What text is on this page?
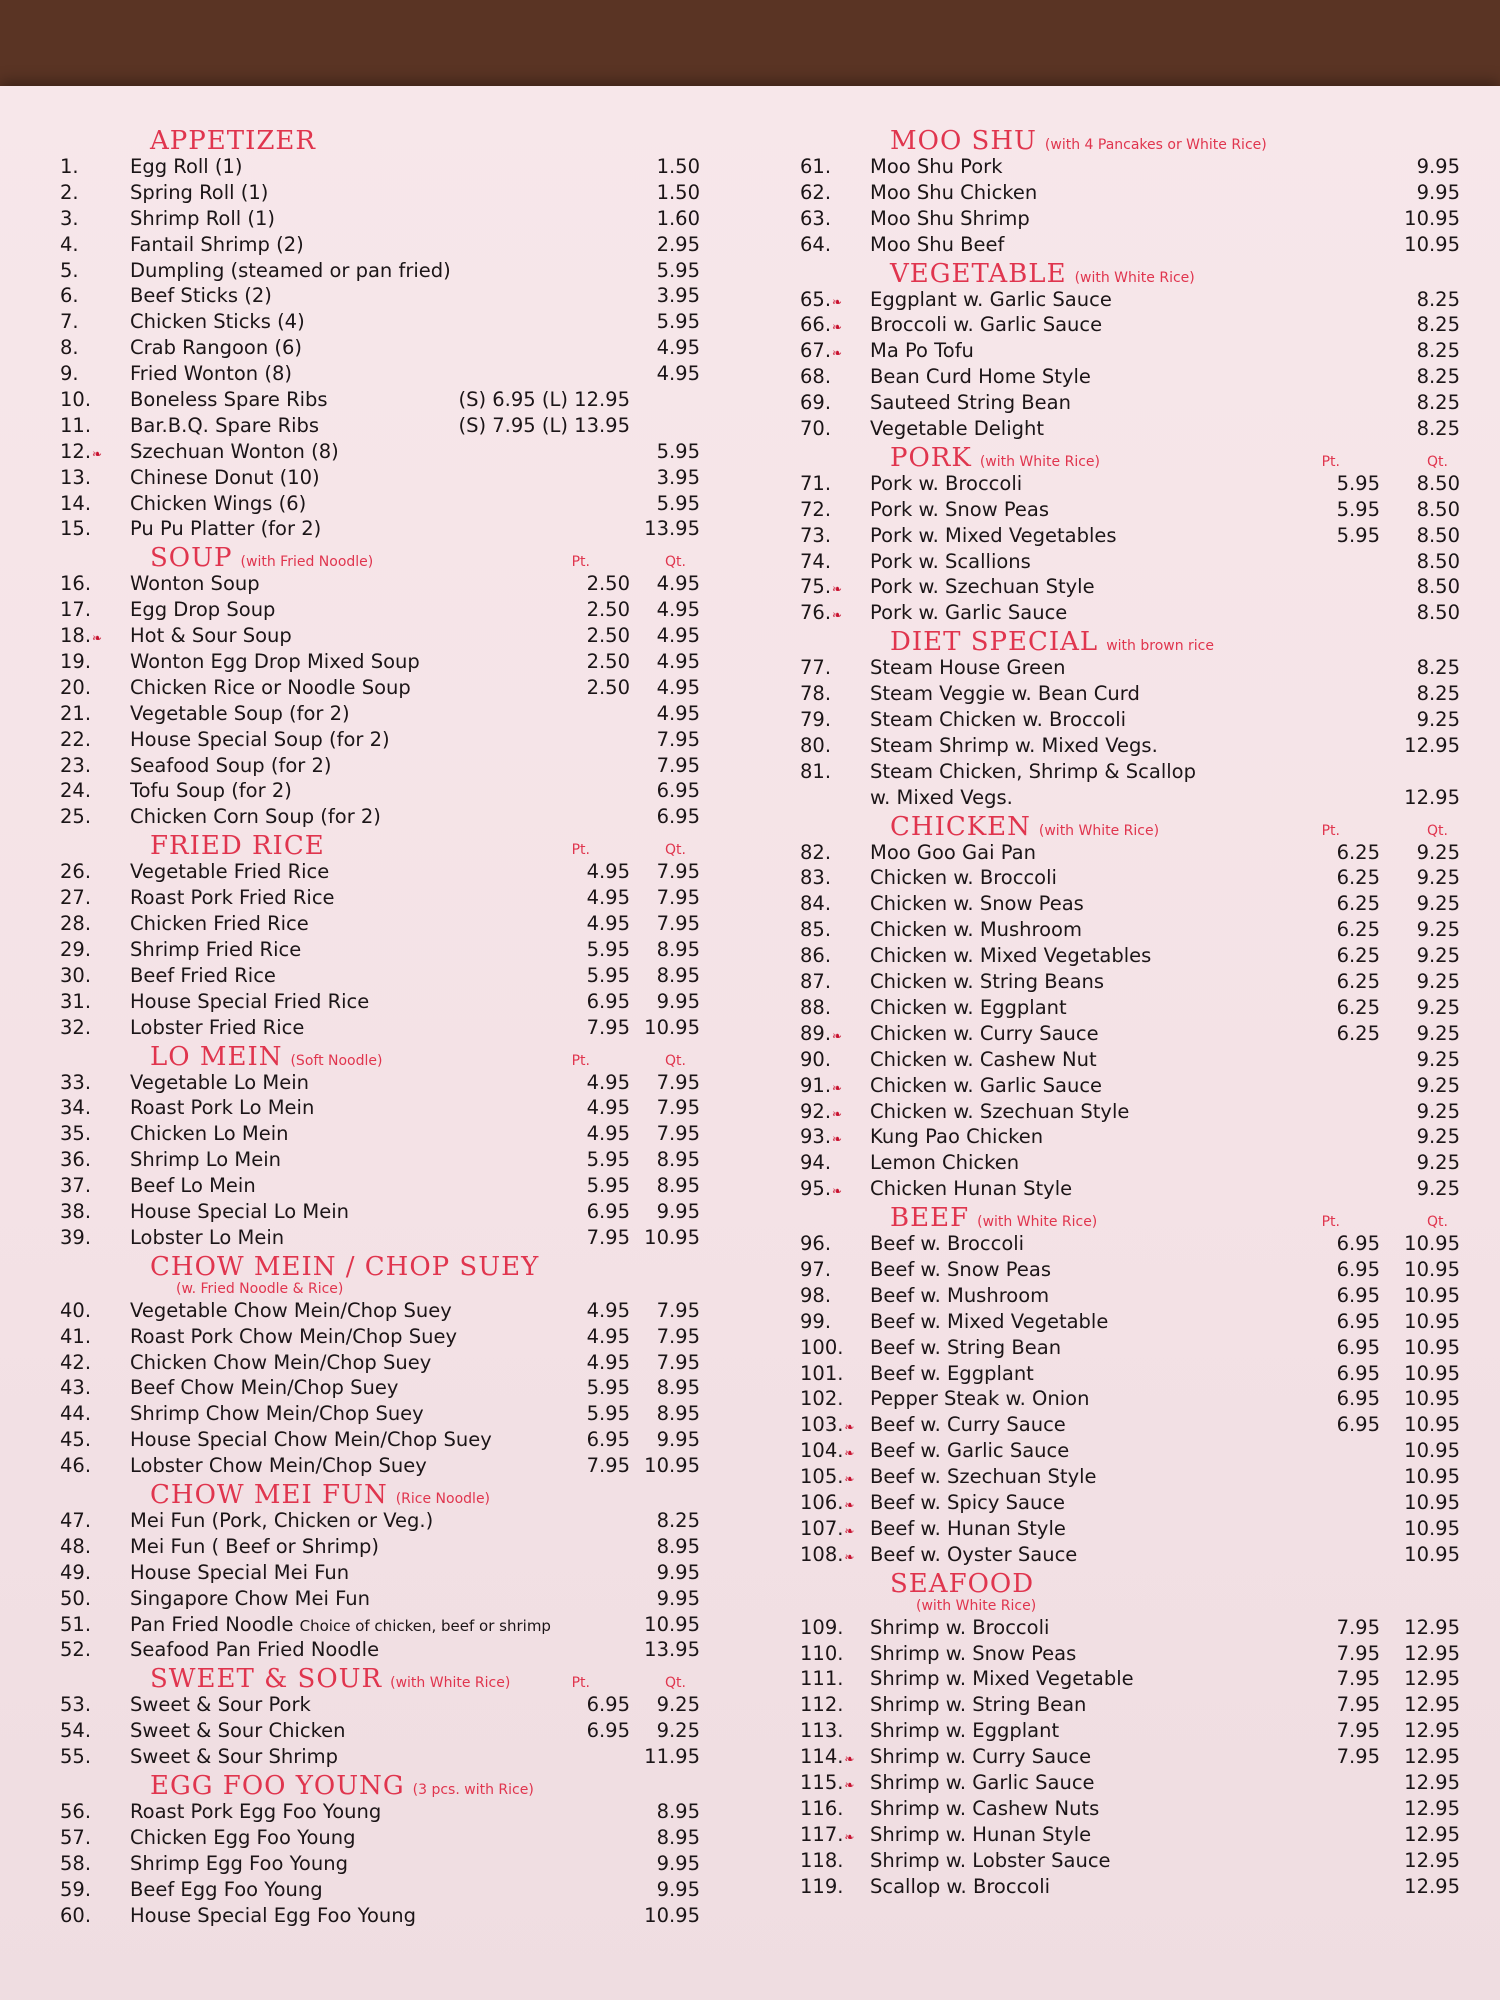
APPETIZER
1.	Egg Roll (1)	1.50
2.	Spring Roll (1)	1.50
3.	Shrimp Roll (1)	1.60
4.	Fantail Shrimp (2)	2.95
5.	Dumpling (steamed or pan fried)	5.95
6.	Beef Sticks (2)	3.95
7.	Chicken Sticks (4)	5.95
8.	Crab Rangoon (6)	4.95
9.	Fried Wonton (8)	4.95
10.	Boneless Spare Ribs	(S) 6.95 (L) 12.95
11.	Bar.B.Q. Spare Ribs	(S) 7.95 (L) 13.95
12.❧	Szechuan Wonton (8)	5.95
13.	Chinese Donut (10)	3.95
14.	Chicken Wings (6)	5.95
15.	Pu Pu Platter (for 2)	13.95
SOUP (with Fried Noodle)	Pt.	Qt.
16.	Wonton Soup	2.50	4.95
17.	Egg Drop Soup	2.50	4.95
18.❧	Hot & Sour Soup	2.50	4.95
19.	Wonton Egg Drop Mixed Soup	2.50	4.95
20.	Chicken Rice or Noodle Soup	2.50	4.95
21.	Vegetable Soup (for 2)	4.95
22.	House Special Soup (for 2)	7.95
23.	Seafood Soup (for 2)	7.95
24.	Tofu Soup (for 2)	6.95
25.	Chicken Corn Soup (for 2)	6.95
FRIED RICE	Pt.	Qt.
26.	Vegetable Fried Rice	4.95	7.95
27.	Roast Pork Fried Rice	4.95	7.95
28.	Chicken Fried Rice	4.95	7.95
29.	Shrimp Fried Rice	5.95	8.95
30.	Beef Fried Rice	5.95	8.95
31.	House Special Fried Rice	6.95	9.95
32.	Lobster Fried Rice	7.95 10.95
LO MEIN (Soft Noodle)	Pt.	Qt.
33.	Vegetable Lo Mein	4.95	7.95
34.	Roast Pork Lo Mein	4.95	7.95
35.	Chicken Lo Mein	4.95	7.95
36.	Shrimp Lo Mein	5.95	8.95
37.	Beef Lo Mein	5.95	8.95
38.	House Special Lo Mein	6.95	9.95
39.	Lobster Lo Mein	7.95 10.95
CHOW MEIN / CHOP SUEY
(w. Fried Noodle & Rice)
40.	Vegetable Chow Mein/Chop Suey	4.95	7.95
41.	Roast Pork Chow Mein/Chop Suey	4.95	7.95
42.	Chicken Chow Mein/Chop Suey	4.95	7.95
43.	Beef Chow Mein/Chop Suey	5.95	8.95
44.	Shrimp Chow Mein/Chop Suey	5.95	8.95
45.	House Special Chow Mein/Chop Suey	6.95	9.95
46.	Lobster Chow Mein/Chop Suey	7.95 10.95
CHOW MEI FUN (Rice Noodle)
47.	Mei Fun (Pork, Chicken or Veg.)	8.25
48.	Mei Fun ( Beef or Shrimp)	8.95
49.	House Special Mei Fun	9.95
50.	Singapore Chow Mei Fun	9.95
51.	Pan Fried Noodle Choice of chicken, beef or shrimp	10.95
52.	Seafood Pan Fried Noodle	13.95
SWEET & SOUR (with White Rice)	Pt.	Qt.
53.	Sweet & Sour Pork	6.95	9.25
54.	Sweet & Sour Chicken	6.95	9.25
55.	Sweet & Sour Shrimp	11.95
EGG FOO YOUNG (3 pcs. with Rice)
56.	Roast Pork Egg Foo Young	8.95
57.	Chicken Egg Foo Young	8.95
58.	Shrimp Egg Foo Young	9.95
59.	Beef Egg Foo Young	9.95
60.	House Special Egg Foo Young	10.95
MOO SHU (with 4 Pancakes or White Rice)
61.	Moo Shu Pork	9.95
62.	Moo Shu Chicken	9.95
63.	Moo Shu Shrimp	10.95
64.	Moo Shu Beef	10.95
VEGETABLE (with White Rice)
65.❧	Eggplant w. Garlic Sauce	8.25
66.❧	Broccoli w. Garlic Sauce	8.25
67.❧	Ma Po Tofu	8.25
68.	Bean Curd Home Style	8.25
69.	Sauteed String Bean	8.25
70.	Vegetable Delight	8.25
PORK (with White Rice)	Pt.	Qt.
71.	Pork w. Broccoli	5.95	8.50
72.	Pork w. Snow Peas	5.95	8.50
73.	Pork w. Mixed Vegetables	5.95	8.50
74.	Pork w. Scallions	8.50
75.❧	Pork w. Szechuan Style	8.50
76.❧	Pork w. Garlic Sauce	8.50
DIET SPECIAL with brown rice
77.	Steam House Green	8.25
78.	Steam Veggie w. Bean Curd	8.25
79.	Steam Chicken w. Broccoli	9.25
80.	Steam Shrimp w. Mixed Vegs.	12.95
81.	Steam Chicken, Shrimp & Scallop
w. Mixed Vegs.	12.95
CHICKEN (with White Rice)	Pt.	Qt.
82.	Moo Goo Gai Pan	6.25	9.25
83.	Chicken w. Broccoli	6.25	9.25
84.	Chicken w. Snow Peas	6.25	9.25
85.	Chicken w. Mushroom	6.25	9.25
86.	Chicken w. Mixed Vegetables	6.25	9.25
87.	Chicken w. String Beans	6.25	9.25
88.	Chicken w. Eggplant	6.25	9.25
89.❧	Chicken w. Curry Sauce	6.25	9.25
90.	Chicken w. Cashew Nut	9.25
91.❧	Chicken w. Garlic Sauce	9.25
92.❧	Chicken w. Szechuan Style	9.25
93.❧	Kung Pao Chicken	9.25
94.	Lemon Chicken	9.25
95.❧	Chicken Hunan Style	9.25
BEEF (with White Rice)	Pt.	Qt.
96.	Beef w. Broccoli	6.95	10.95
97.	Beef w. Snow Peas	6.95	10.95
98.	Beef w. Mushroom	6.95	10.95
99.	Beef w. Mixed Vegetable	6.95	10.95
100.	Beef w. String Bean	6.95	10.95
101.	Beef w. Eggplant	6.95	10.95
102.	Pepper Steak w. Onion	6.95	10.95
103.❧ Beef w. Curry Sauce	6.95	10.95
104.❧ Beef w. Garlic Sauce	10.95
105.❧ Beef w. Szechuan Style	10.95
106.❧ Beef w. Spicy Sauce	10.95
107.❧ Beef w. Hunan Style	10.95
108.❧ Beef w. Oyster Sauce	10.95
SEAFOOD
(with White Rice)
109.	Shrimp w. Broccoli	7.95	12.95
110.	Shrimp w. Snow Peas	7.95	12.95
111.	Shrimp w. Mixed Vegetable	7.95	12.95
112.	Shrimp w. String Bean	7.95	12.95
113.	Shrimp w. Eggplant	7.95	12.95
114.❧ Shrimp w. Curry Sauce	7.95	12.95
115.❧ Shrimp w. Garlic Sauce	12.95
116.	Shrimp w. Cashew Nuts	12.95
117.❧ Shrimp w. Hunan Style	12.95
118.	Shrimp w. Lobster Sauce	12.95
119.	Scallop w. Broccoli	12.95
